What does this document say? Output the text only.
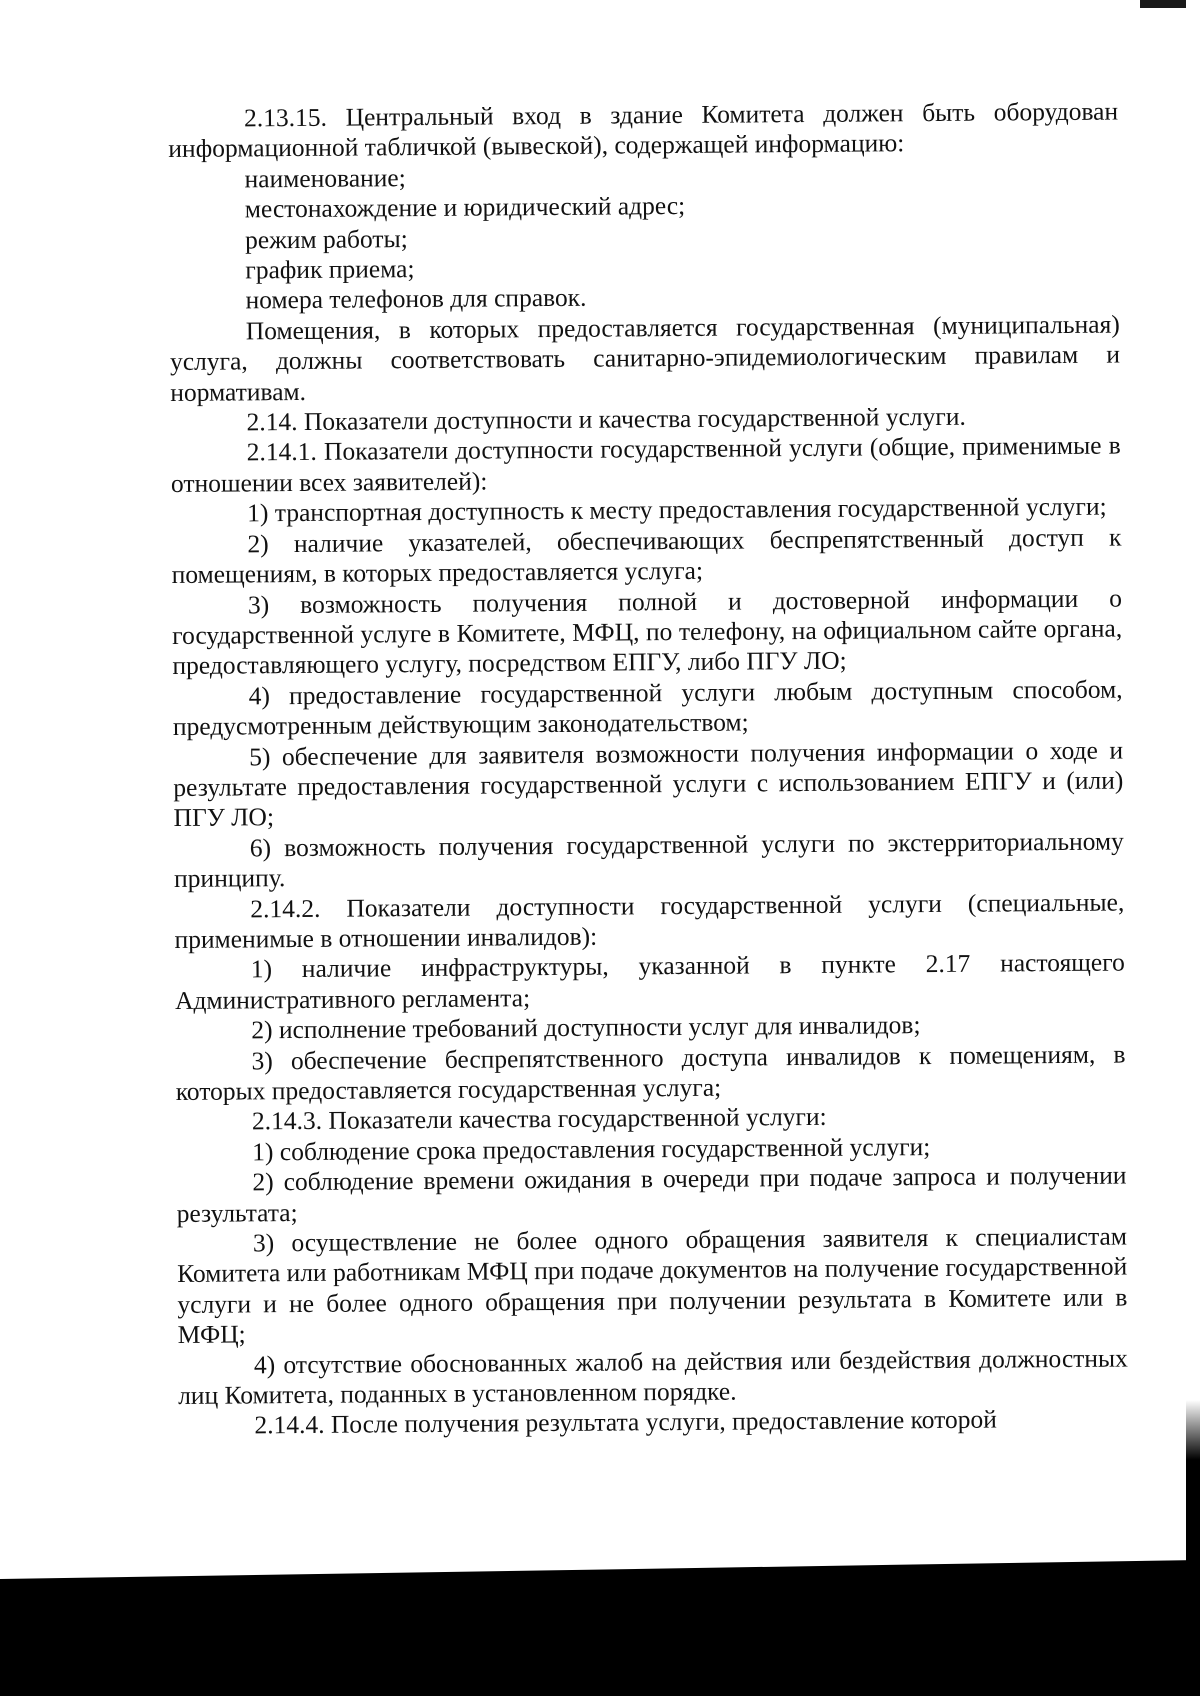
2.13.15. Центральный вход в здание Комитета должен быть оборудован информационной табличкой (вывеской), содержащей информацию:

наименование;

местонахождение и юридический адрес;

режим работы;

график приема;

номера телефонов для справок.

Помещения, в которых предоставляется государственная (муниципальная) услуга, должны соответствовать санитарно-эпидемиологическим правилам и нормативам.

2.14. Показатели доступности и качества государственной услуги.

2.14.1. Показатели доступности государственной услуги (общие, применимые в отношении всех заявителей):

1) транспортная доступность к месту предоставления государственной услуги;

2) наличие указателей, обеспечивающих беспрепятственный доступ к помещениям, в которых предоставляется услуга;

3) возможность получения полной и достоверной информации о государственной услуге в Комитете, МФЦ, по телефону, на официальном сайте органа, предоставляющего услугу, посредством ЕПГУ, либо ПГУ ЛО;

4) предоставление государственной услуги любым доступным способом, предусмотренным действующим законодательством;

5) обеспечение для заявителя возможности получения информации о ходе и результате предоставления государственной услуги с использованием ЕПГУ и (или) ПГУ ЛО;

6) возможность получения государственной услуги по экстерриториальному принципу.

2.14.2. Показатели доступности государственной услуги (специальные, применимые в отношении инвалидов):

1) наличие инфраструктуры, указанной в пункте 2.17 настоящего Административного регламента;

2) исполнение требований доступности услуг для инвалидов;

3) обеспечение беспрепятственного доступа инвалидов к помещениям, в которых предоставляется государственная услуга;

2.14.3. Показатели качества государственной услуги:

1) соблюдение срока предоставления государственной услуги;

2) соблюдение времени ожидания в очереди при подаче запроса и получении результата;

3) осуществление не более одного обращения заявителя к специалистам Комитета или работникам МФЦ при подаче документов на получение государственной услуги и не более одного обращения при получении результата в Комитете или в МФЦ;

4) отсутствие обоснованных жалоб на действия или бездействия должностных лиц Комитета, поданных в установленном порядке.

2.14.4. После получения результата услуги, предоставление которой
